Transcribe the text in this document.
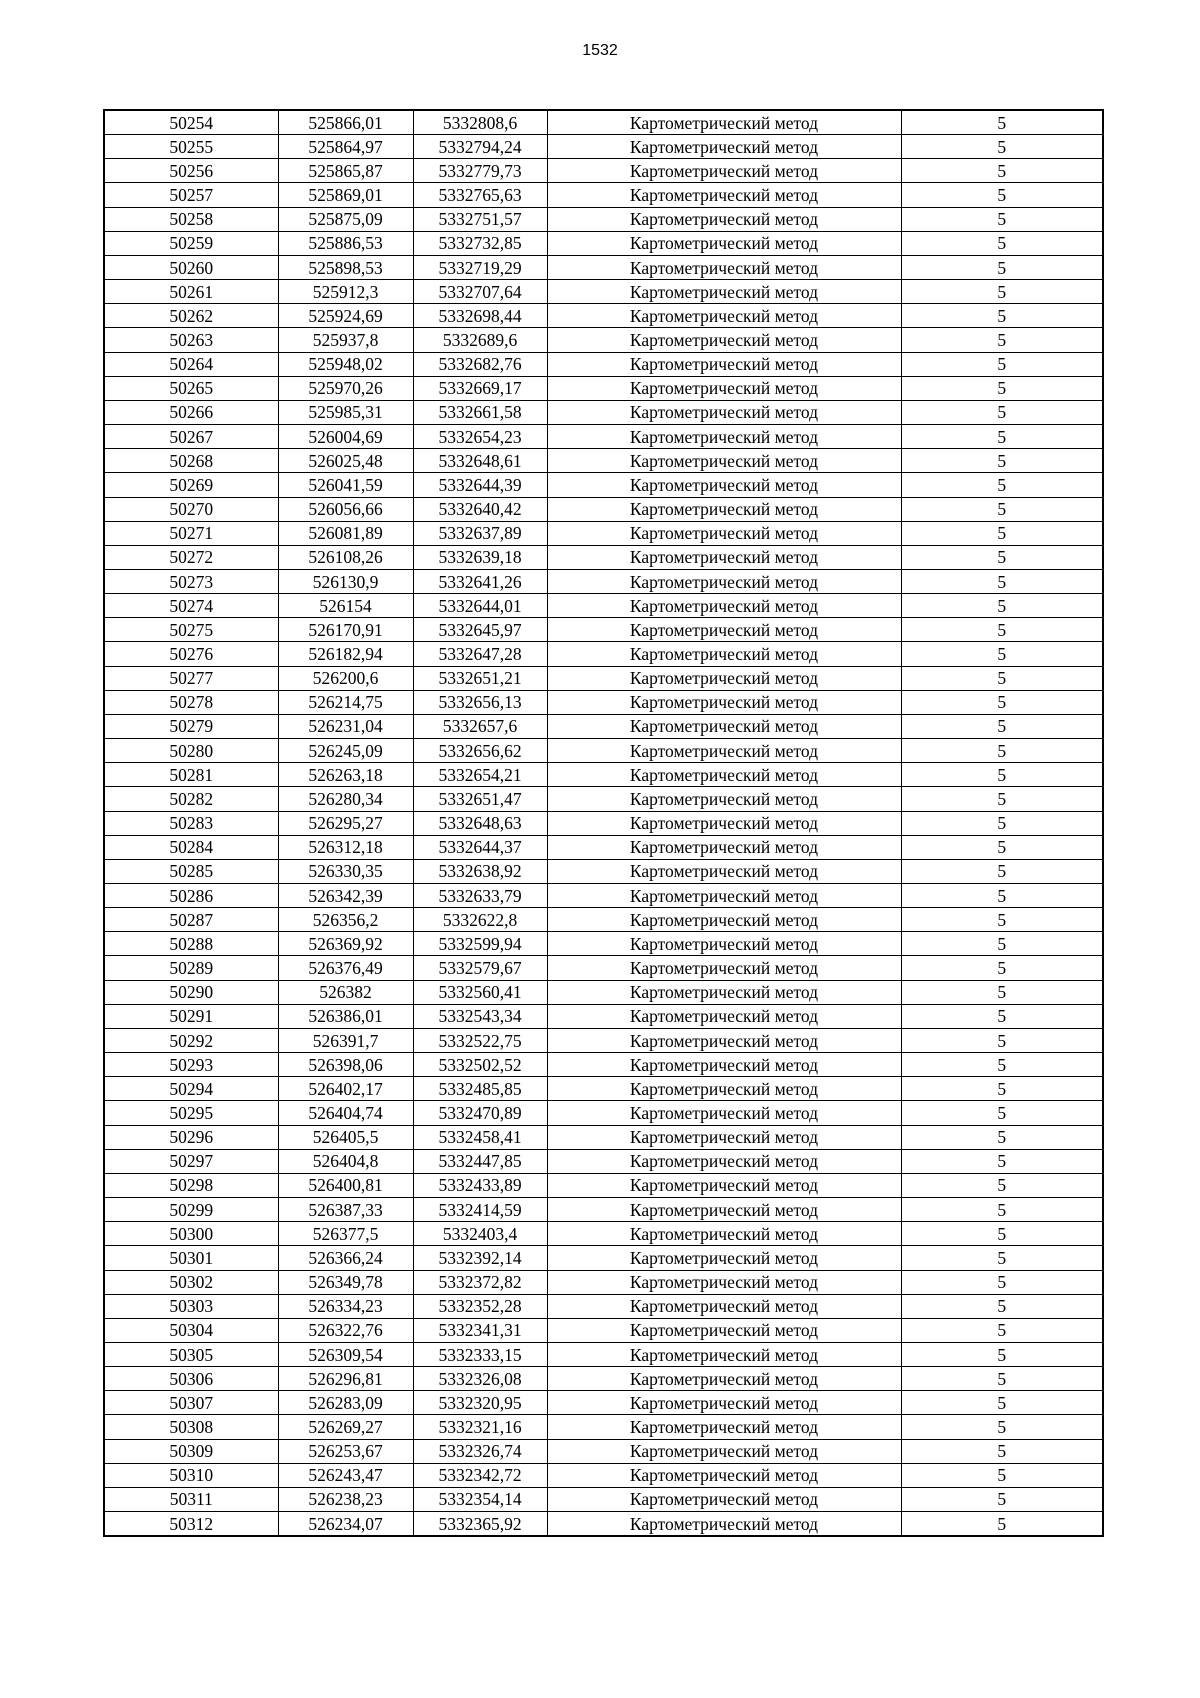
1532
50254	525866,01	5332808,6	Картометрический метод	5
50255	525864,97	5332794,24	Картометрический метод	5
50256	525865,87	5332779,73	Картометрический метод	5
50257	525869,01	5332765,63	Картометрический метод	5
50258	525875,09	5332751,57	Картометрический метод	5
50259	525886,53	5332732,85	Картометрический метод	5
50260	525898,53	5332719,29	Картометрический метод	5
50261	525912,3	5332707,64	Картометрический метод	5
50262	525924,69	5332698,44	Картометрический метод	5
50263	525937,8	5332689,6	Картометрический метод	5
50264	525948,02	5332682,76	Картометрический метод	5
50265	525970,26	5332669,17	Картометрический метод	5
50266	525985,31	5332661,58	Картометрический метод	5
50267	526004,69	5332654,23	Картометрический метод	5
50268	526025,48	5332648,61	Картометрический метод	5
50269	526041,59	5332644,39	Картометрический метод	5
50270	526056,66	5332640,42	Картометрический метод	5
50271	526081,89	5332637,89	Картометрический метод	5
50272	526108,26	5332639,18	Картометрический метод	5
50273	526130,9	5332641,26	Картометрический метод	5
50274	526154	5332644,01	Картометрический метод	5
50275	526170,91	5332645,97	Картометрический метод	5
50276	526182,94	5332647,28	Картометрический метод	5
50277	526200,6	5332651,21	Картометрический метод	5
50278	526214,75	5332656,13	Картометрический метод	5
50279	526231,04	5332657,6	Картометрический метод	5
50280	526245,09	5332656,62	Картометрический метод	5
50281	526263,18	5332654,21	Картометрический метод	5
50282	526280,34	5332651,47	Картометрический метод	5
50283	526295,27	5332648,63	Картометрический метод	5
50284	526312,18	5332644,37	Картометрический метод	5
50285	526330,35	5332638,92	Картометрический метод	5
50286	526342,39	5332633,79	Картометрический метод	5
50287	526356,2	5332622,8	Картометрический метод	5
50288	526369,92	5332599,94	Картометрический метод	5
50289	526376,49	5332579,67	Картометрический метод	5
50290	526382	5332560,41	Картометрический метод	5
50291	526386,01	5332543,34	Картометрический метод	5
50292	526391,7	5332522,75	Картометрический метод	5
50293	526398,06	5332502,52	Картометрический метод	5
50294	526402,17	5332485,85	Картометрический метод	5
50295	526404,74	5332470,89	Картометрический метод	5
50296	526405,5	5332458,41	Картометрический метод	5
50297	526404,8	5332447,85	Картометрический метод	5
50298	526400,81	5332433,89	Картометрический метод	5
50299	526387,33	5332414,59	Картометрический метод	5
50300	526377,5	5332403,4	Картометрический метод	5
50301	526366,24	5332392,14	Картометрический метод	5
50302	526349,78	5332372,82	Картометрический метод	5
50303	526334,23	5332352,28	Картометрический метод	5
50304	526322,76	5332341,31	Картометрический метод	5
50305	526309,54	5332333,15	Картометрический метод	5
50306	526296,81	5332326,08	Картометрический метод	5
50307	526283,09	5332320,95	Картометрический метод	5
50308	526269,27	5332321,16	Картометрический метод	5
50309	526253,67	5332326,74	Картометрический метод	5
50310	526243,47	5332342,72	Картометрический метод	5
50311	526238,23	5332354,14	Картометрический метод	5
50312	526234,07	5332365,92	Картометрический метод	5
